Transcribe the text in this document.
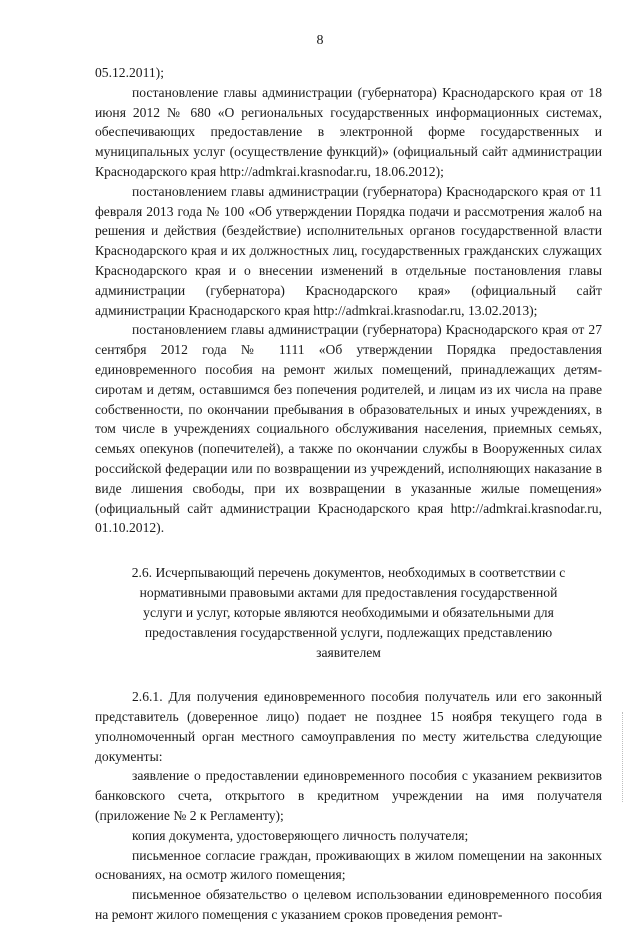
8

05.12.2011);

постановление главы администрации (губернатора) Краснодарского края от 18 июня 2012 № 680 «О региональных государственных информационных системах, обеспечивающих предоставление в электронной форме государственных и муниципальных услуг (осуществление функций)» (официальный сайт администрации Краснодарского края http://admkrai.krasnodar.ru, 18.06.2012);

постановлением главы администрации (губернатора) Краснодарского края от 11 февраля 2013 года № 100 «Об утверждении Порядка подачи и рассмотрения жалоб на решения и действия (бездействие) исполнительных органов государственной власти Краснодарского края и их должностных лиц, государственных гражданских служащих Краснодарского края и о внесении изменений в отдельные постановления главы администрации (губернатора) Краснодарского края» (официальный сайт администрации Краснодарского края http://admkrai.krasnodar.ru, 13.02.2013);

постановлением главы администрации (губернатора) Краснодарского края от 27 сентября 2012 года № 1111 «Об утверждении Порядка предоставления единовременного пособия на ремонт жилых помещений, принадлежащих детям-сиротам и детям, оставшимся без попечения родителей, и лицам из их числа на праве собственности, по окончании пребывания в образовательных и иных учреждениях, в том числе в учреждениях социального обслуживания населения, приемных семьях, семьях опекунов (попечителей), а также по окончании службы в Вооруженных силах российской федерации или по возвращении из учреждений, исполняющих наказание в виде лишения свободы, при их возвращении в указанные жилые помещения» (официальный сайт администрации Краснодарского края http://admkrai.krasnodar.ru, 01.10.2012).

2.6. Исчерпывающий перечень документов, необходимых в соответствии с нормативными правовыми актами для предоставления государственной услуги и услуг, которые являются необходимыми и обязательными для предоставления государственной услуги, подлежащих представлению заявителем

2.6.1. Для получения единовременного пособия получатель или его законный представитель (доверенное лицо) подает не позднее 15 ноября текущего года в уполномоченный орган местного самоуправления по месту жительства следующие документы:

заявление о предоставлении единовременного пособия с указанием реквизитов банковского счета, открытого в кредитном учреждении на имя получателя (приложение № 2 к Регламенту);

копия документа, удостоверяющего личность получателя;

письменное согласие граждан, проживающих в жилом помещении на законных основаниях, на осмотр жилого помещения;

письменное обязательство о целевом использовании единовременного пособия на ремонт жилого помещения с указанием сроков проведения ремонт-
